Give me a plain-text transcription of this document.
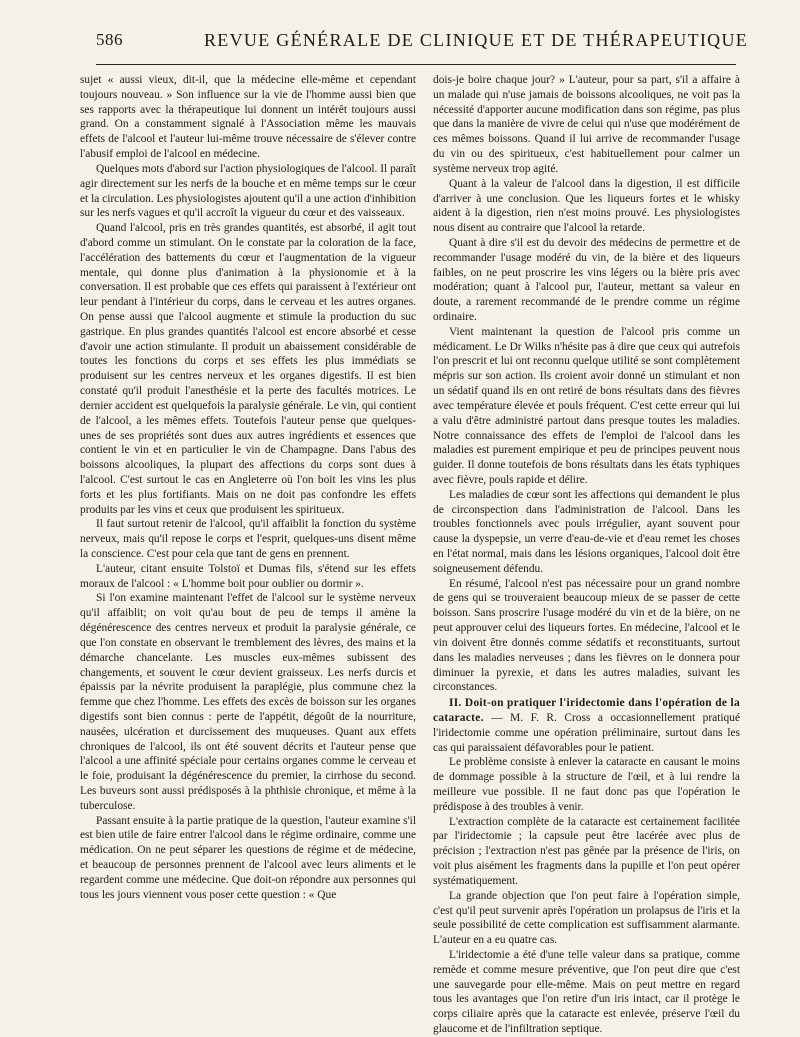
586	REVUE GÉNÉRALE DE CLINIQUE ET DE THÉRAPEUTIQUE

sujet « aussi vieux, dit-il, que la médecine elle-même et cependant toujours nouveau. » Son influence sur la vie de l'homme aussi bien que ses rapports avec la thérapeutique lui donnent un intérêt toujours aussi grand. On a constamment signalé à l'Association même les mauvais effets de l'alcool et l'auteur lui-même trouve nécessaire de s'élever contre l'abusif emploi de l'alcool en médecine.

Quelques mots d'abord sur l'action physiologiques de l'alcool. Il paraît agir directement sur les nerfs de la bouche et en même temps sur le cœur et la circulation. Les physiologistes ajoutent qu'il a une action d'inhibition sur les nerfs vagues et qu'il accroît la vigueur du cœur et des vaisseaux.

Quand l'alcool, pris en très grandes quantités, est absorbé, il agit tout d'abord comme un stimulant. On le constate par la coloration de la face, l'accélération des battements du cœur et l'augmentation de la vigueur mentale, qui donne plus d'animation à la physionomie et à la conversation. Il est probable que ces effets qui paraissent à l'extérieur ont leur pendant à l'intérieur du corps, dans le cerveau et les autres organes. On pense aussi que l'alcool augmente et stimule la production du suc gastrique. En plus grandes quantités l'alcool est encore absorbé et cesse d'avoir une action stimulante. Il produit un abaissement considérable de toutes les fonctions du corps et ses effets les plus immédiats se produisent sur les centres nerveux et les organes digestifs. Il est bien constaté qu'il produit l'anesthésie et la perte des facultés motrices. Le dernier accident est quelquefois la paralysie générale. Le vin, qui contient de l'alcool, a les mêmes effets. Toutefois l'auteur pense que quelques-unes de ses propriétés sont dues aux autres ingrédients et essences que contient le vin et en particulier le vin de Champagne. Dans l'abus des boissons alcooliques, la plupart des affections du corps sont dues à l'alcool. C'est surtout le cas en Angleterre où l'on boit les vins les plus forts et les plus fortifiants. Mais on ne doit pas confondre les effets produits par les vins et ceux que produisent les spiritueux.

Il faut surtout retenir de l'alcool, qu'il affaiblit la fonction du système nerveux, mais qu'il repose le corps et l'esprit, quelques-uns disent même la conscience. C'est pour cela que tant de gens en prennent.

L'auteur, citant ensuite Tolstoï et Dumas fils, s'étend sur les effets moraux de l'alcool : « L'homme boit pour oublier ou dormir ».

Si l'on examine maintenant l'effet de l'alcool sur le système nerveux qu'il affaiblit; on voit qu'au bout de peu de temps il amène la dégénérescence des centres nerveux et produit la paralysie générale, ce que l'on constate en observant le tremblement des lèvres, des mains et la démarche chancelante. Les muscles eux-mêmes subissent des changements, et souvent le cœur devient graisseux. Les nerfs durcis et épaissis par la névrite produisent la paraplégie, plus commune chez la femme que chez l'homme. Les effets des excès de boisson sur les organes digestifs sont bien connus : perte de l'appétit, dégoût de la nourriture, nausées, ulcération et durcissement des muqueuses. Quant aux effets chroniques de l'alcool, ils ont été souvent décrits et l'auteur pense que l'alcool a une affinité spéciale pour certains organes comme le cerveau et le foie, produisant la dégénérescence du premier, la cirrhose du second. Les buveurs sont aussi prédisposés à la phthisie chronique, et même à la tuberculose.

Passant ensuite à la partie pratique de la question, l'auteur examine s'il est bien utile de faire entrer l'alcool dans le régime ordinaire, comme une médication. On ne peut séparer les questions de régime et de médecine, et beaucoup de personnes prennent de l'alcool avec leurs aliments et le regardent comme une médecine. Que doit-on répondre aux personnes qui tous les jours viennent vous poser cette question : « Que

dois-je boire chaque jour? » L'auteur, pour sa part, s'il a affaire à un malade qui n'use jamais de boissons alcooliques, ne voit pas la nécessité d'apporter aucune modification dans son régime, pas plus que dans la manière de vivre de celui qui n'use que modérément de ces mêmes boissons. Quand il lui arrive de recommander l'usage du vin ou des spiritueux, c'est habituellement pour calmer un système nerveux trop agité.

Quant à la valeur de l'alcool dans la digestion, il est difficile d'arriver à une conclusion. Que les liqueurs fortes et le whisky aident à la digestion, rien n'est moins prouvé. Les physiologistes nous disent au contraire que l'alcool la retarde.

Quant à dire s'il est du devoir des médecins de permettre et de recommander l'usage modéré du vin, de la bière et des liqueurs faibles, on ne peut proscrire les vins légers ou la bière pris avec modération; quant à l'alcool pur, l'auteur, mettant sa valeur en doute, a rarement recommandé de le prendre comme un régime ordinaire.

Vient maintenant la question de l'alcool pris comme un médicament. Le Dr Wilks n'hésite pas à dire que ceux qui autrefois l'on prescrit et lui ont reconnu quelque utilité se sont complètement mépris sur son action. Ils croient avoir donné un stimulant et non un sédatif quand ils en ont retiré de bons résultats dans des fièvres avec température élevée et pouls fréquent. C'est cette erreur qui lui a valu d'être administré partout dans presque toutes les maladies. Notre connaissance des effets de l'emploi de l'alcool dans les maladies est purement empirique et peu de principes peuvent nous guider. Il donne toutefois de bons résultats dans les états typhiques avec fièvre, pouls rapide et délire.

Les maladies de cœur sont les affections qui demandent le plus de circonspection dans l'administration de l'alcool. Dans les troubles fonctionnels avec pouls irrégulier, ayant souvent pour cause la dyspepsie, un verre d'eau-de-vie et d'eau remet les choses en l'état normal, mais dans les lésions organiques, l'alcool doit être soigneusement défendu.

En résumé, l'alcool n'est pas nécessaire pour un grand nombre de gens qui se trouveraient beaucoup mieux de se passer de cette boisson. Sans proscrire l'usage modéré du vin et de la bière, on ne peut approuver celui des liqueurs fortes. En médecine, l'alcool et le vin doivent être donnés comme sédatifs et reconstituants, surtout dans les maladies nerveuses ; dans les fièvres on le donnera pour diminuer la pyrexie, et dans les autres maladies, suivant les circonstances.

II. Doit-on pratiquer l'iridectomie dans l'opération de la cataracte. — M. F. R. Cross a occasionnellement pratiqué l'iridectomie comme une opération préliminaire, surtout dans les cas qui paraissaient défavorables pour le patient.

Le problème consiste à enlever la cataracte en causant le moins de dommage possible à la structure de l'œil, et à lui rendre la meilleure vue possible. Il ne faut donc pas que l'opération le prédispose à des troubles à venir.

L'extraction complète de la cataracte est certainement facilitée par l'iridectomie ; la capsule peut être lacérée avec plus de précision ; l'extraction n'est pas gênée par la présence de l'iris, on voit plus aisément les fragments dans la pupille et l'on peut opérer systématiquement.

La grande objection que l'on peut faire à l'opération simple, c'est qu'il peut survenir après l'opération un prolapsus de l'iris et la seule possibilité de cette complication est suffisamment alarmante. L'auteur en a eu quatre cas.

L'iridectomie a été d'une telle valeur dans sa pratique, comme remède et comme mesure préventive, que l'on peut dire que c'est une sauvegarde pour elle-même. Mais on peut mettre en regard tous les avantages que l'on retire d'un iris intact, car il protège le corps ciliaire après que la cataracte est enlevée, préserve l'œil du glaucome et de l'infiltration septique.
